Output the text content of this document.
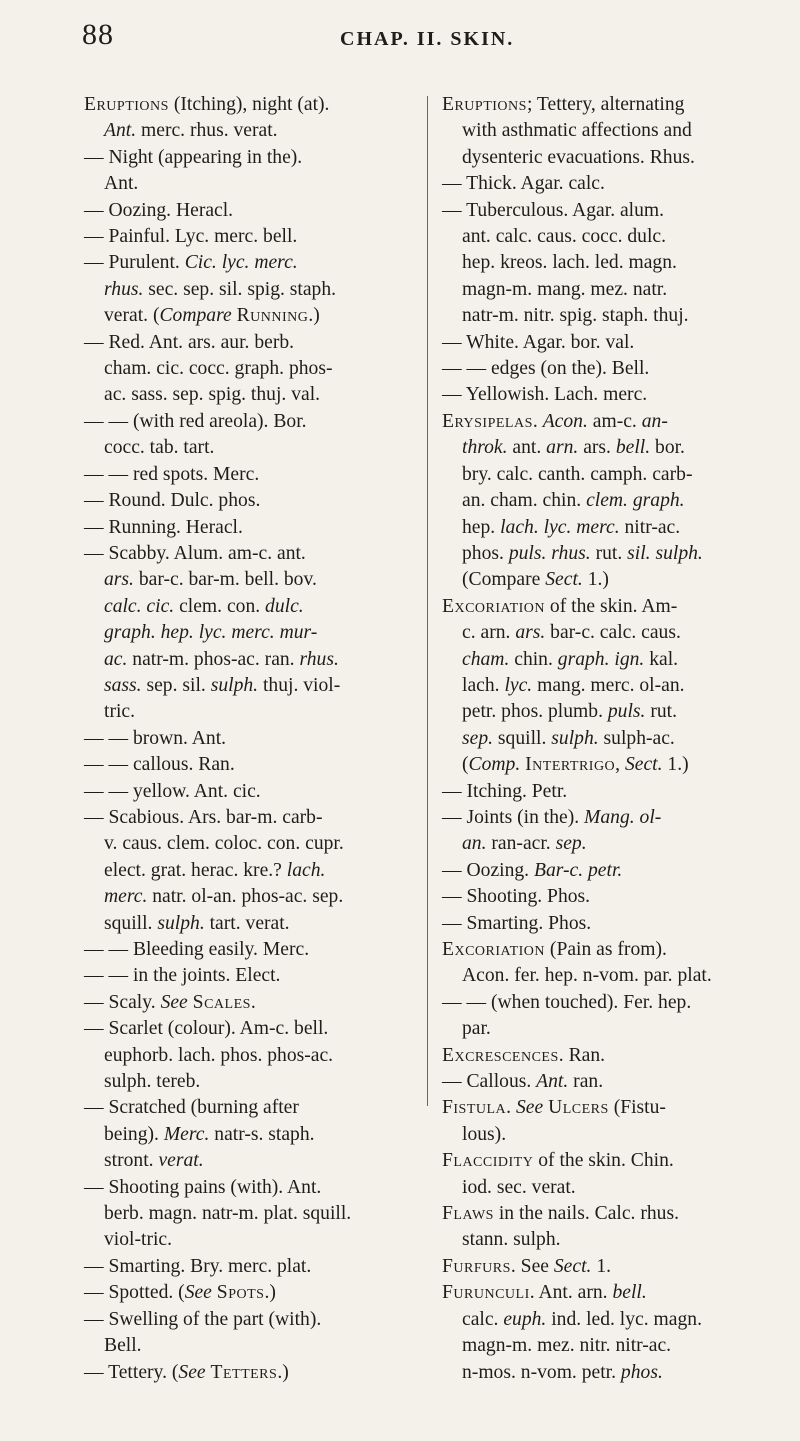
88	CHAP. II. SKIN.
Eruptions (Itching), night (at).
Ant. merc. rhus. verat.
— Night (appearing in the).
Ant.
— Oozing. Heracl.
— Painful. Lyc. merc. bell.
— Purulent. Cic. lyc. merc.
rhus. sec. sep. sil. spig. staph.
verat. (Compare Running.)
— Red. Ant. ars. aur. berb.
cham. cic. cocc. graph. phos-
ac. sass. sep. spig. thuj. val.
— — (with red areola). Bor.
cocc. tab. tart.
— — red spots. Merc.
— Round. Dulc. phos.
— Running. Heracl.
— Scabby. Alum. am-c. ant.
ars. bar-c. bar-m. bell. bov.
calc. cic. clem. con. dulc.
graph. hep. lyc. merc. mur-
ac. natr-m. phos-ac. ran. rhus.
sass. sep. sil. sulph. thuj. viol-
tric.
— — brown. Ant.
— — callous. Ran.
— — yellow. Ant. cic.
— Scabious. Ars. bar-m. carb-
v. caus. clem. coloc. con. cupr.
elect. grat. herac. kre.? lach.
merc. natr. ol-an. phos-ac. sep.
squill. sulph. tart. verat.
— — Bleeding easily. Merc.
— — in the joints. Elect.
— Scaly. See Scales.
— Scarlet (colour). Am-c. bell.
euphorb. lach. phos. phos-ac.
sulph. tereb.
— Scratched (burning after
being). Merc. natr-s. staph.
stront. verat.
— Shooting pains (with). Ant.
berb. magn. natr-m. plat. squill.
viol-tric.
— Smarting. Bry. merc. plat.
— Spotted. (See Spots.)
— Swelling of the part (with).
Bell.
— Tettery. (See Tetters.)
Eruptions; Tettery, alternating
with asthmatic affections and
dysenteric evacuations. Rhus.
— Thick. Agar. calc.
— Tuberculous. Agar. alum.
ant. calc. caus. cocc. dulc.
hep. kreos. lach. led. magn.
magn-m. mang. mez. natr.
natr-m. nitr. spig. staph. thuj.
— White. Agar. bor. val.
— — edges (on the). Bell.
— Yellowish. Lach. merc.
Erysipelas. Acon. am-c. an-
throk. ant. arn. ars. bell. bor.
bry. calc. canth. camph. carb-
an. cham. chin. clem. graph.
hep. lach. lyc. merc. nitr-ac.
phos. puls. rhus. rut. sil. sulph.
(Compare Sect. 1.)
Excoriation of the skin. Am-
c. arn. ars. bar-c. calc. caus.
cham. chin. graph. ign. kal.
lach. lyc. mang. merc. ol-an.
petr. phos. plumb. puls. rut.
sep. squill. sulph. sulph-ac.
(Comp. Intertrigo, Sect. 1.)
— Itching. Petr.
— Joints (in the). Mang. ol-
an. ran-acr. sep.
— Oozing. Bar-c. petr.
— Shooting. Phos.
— Smarting. Phos.
Excoriation (Pain as from).
Acon. fer. hep. n-vom. par. plat.
— — (when touched). Fer. hep.
par.
Excrescences. Ran.
— Callous. Ant. ran.
Fistula. See Ulcers (Fistu-
lous).
Flaccidity of the skin. Chin.
iod. sec. verat.
Flaws in the nails. Calc. rhus.
stann. sulph.
Furfurs. See Sect. 1.
Furunculi. Ant. arn. bell.
calc. euph. ind. led. lyc. magn.
magn-m. mez. nitr. nitr-ac.
n-mos. n-vom. petr. phos.
